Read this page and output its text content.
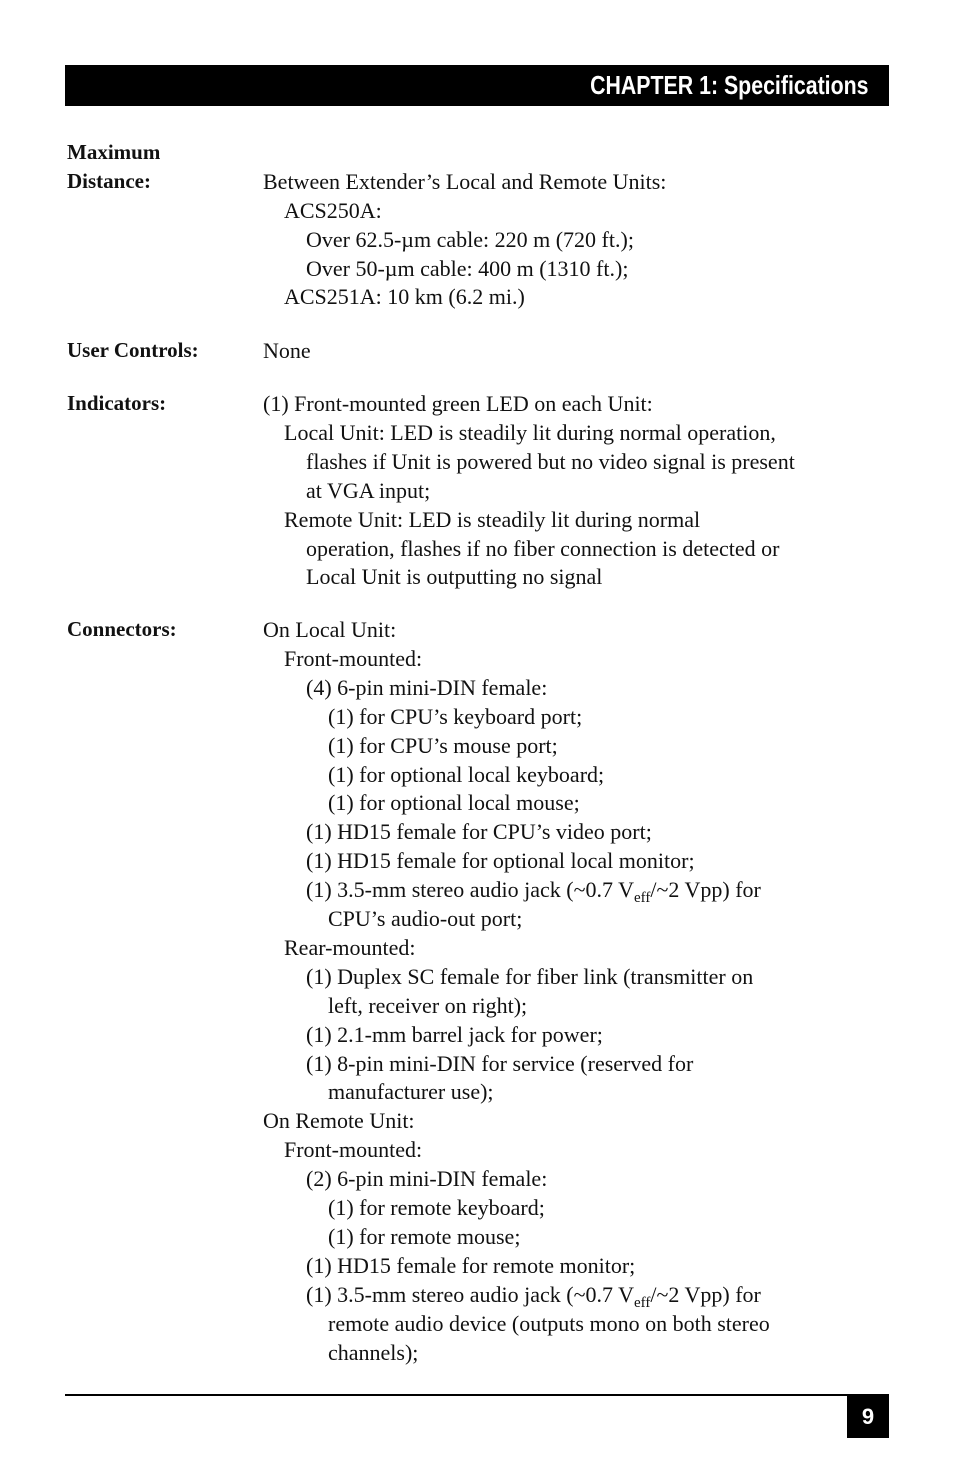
CHAPTER 1: Specifications
Maximum
Distance:	Between Extender’s Local and Remote Units:
ACS250A:
Over 62.5-µm cable: 220 m (720 ft.);
Over 50-µm cable: 400 m (1310 ft.);
ACS251A: 10 km (6.2 mi.)
User Controls:	None
Indicators:	(1) Front-mounted green LED on each Unit:
Local Unit: LED is steadily lit during normal operation,
flashes if Unit is powered but no video signal is present
at VGA input;
Remote Unit: LED is steadily lit during normal
operation, flashes if no fiber connection is detected or
Local Unit is outputting no signal
Connectors:	On Local Unit:
Front-mounted:
(4) 6-pin mini-DIN female:
(1) for CPU’s keyboard port;
(1) for CPU’s mouse port;
(1) for optional local keyboard;
(1) for optional local mouse;
(1) HD15 female for CPU’s video port;
(1) HD15 female for optional local monitor;
(1) 3.5-mm stereo audio jack (~0.7 $V_{eff}/\sim 2$ Vpp) for
CPU’s audio-out port;
Rear-mounted:
(1) Duplex SC female for fiber link (transmitter on
left, receiver on right);
(1) 2.1-mm barrel jack for power;
(1) 8-pin mini-DIN for service (reserved for
manufacturer use);
On Remote Unit:
Front-mounted:
(2) 6-pin mini-DIN female:
(1) for remote keyboard;
(1) for remote mouse;
(1) HD15 female for remote monitor;
(1) 3.5-mm stereo audio jack (~0.7 $V_{eff}/\sim 2$ Vpp) for
remote audio device (outputs mono on both stereo
channels);
9
